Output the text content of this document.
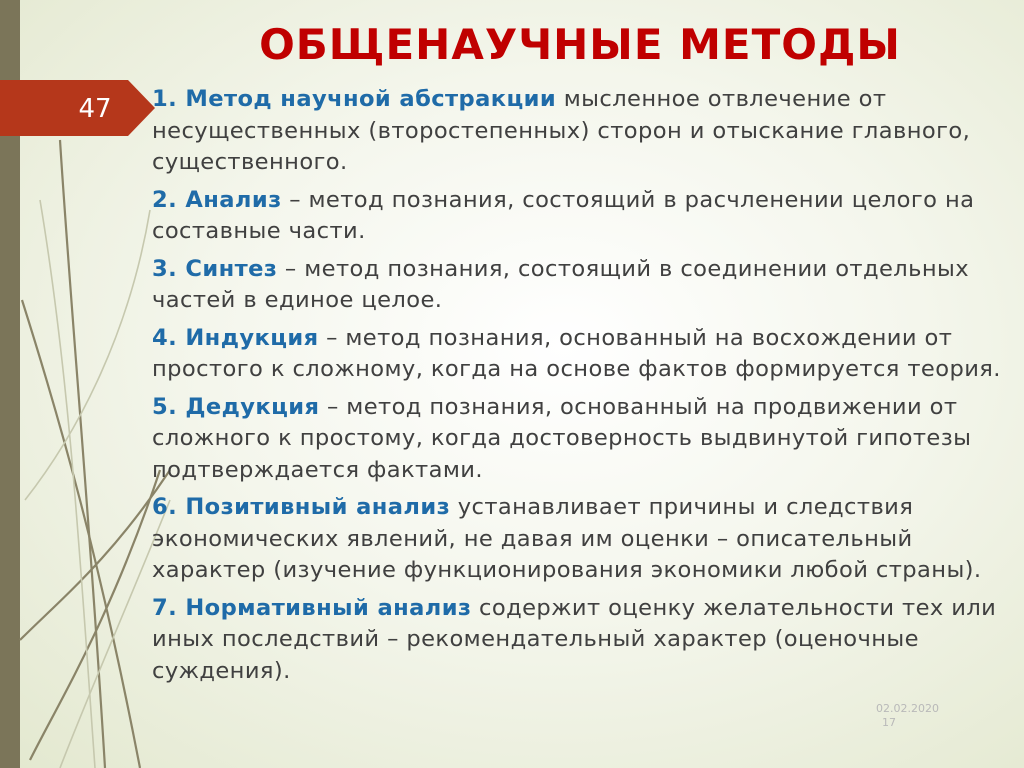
47
ОБЩЕНАУЧНЫЕ МЕТОДЫ
1. Метод научной абстракции мысленное отвлечение от несущественных (второстепенных) сторон и отыскание главного, существенного.
2. Анализ – метод познания, состоящий в расчленении целого на составные части.
3. Синтез – метод познания, состоящий в соединении отдельных частей в единое целое.
4. Индукция – метод познания, основанный на восхождении от простого к сложному, когда на основе фактов формируется теория.
5. Дедукция – метод познания, основанный на продвижении от сложного к простому, когда достоверность выдвинутой гипотезы подтверждается фактами.
6. Позитивный анализ устанавливает причины и следствия экономических явлений, не давая им оценки – описательный характер (изучение функционирования экономики любой страны).
7. Нормативный анализ содержит оценку желательности тех или иных последствий – рекомендательный характер (оценочные суждения).
02.02.2020
17
